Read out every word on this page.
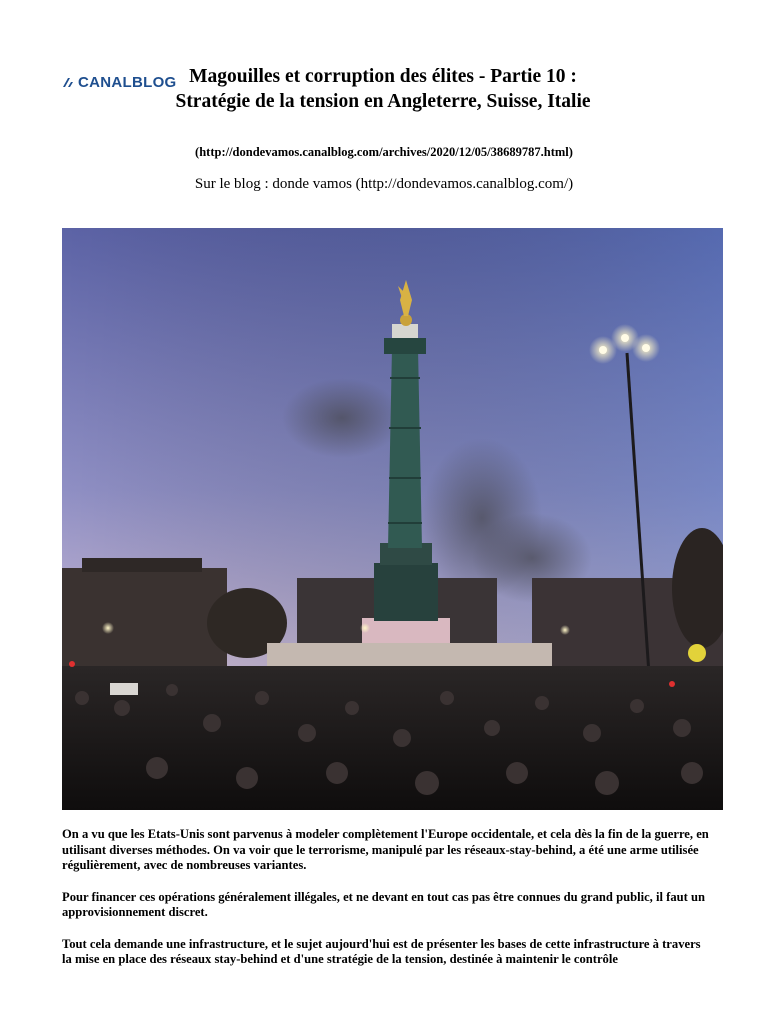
CANALBLOG Magouilles et corruption des élites - Partie 10 : Stratégie de la tension en Angleterre, Suisse, Italie
(http://dondevamos.canalblog.com/archives/2020/12/05/38689787.html)
Sur le blog : donde vamos (http://dondevamos.canalblog.com/)

On a vu que les Etats-Unis sont parvenus à modeler complètement l'Europe occidentale, et cela dès la fin de la guerre, en utilisant diverses méthodes. On va voir que le terrorisme, manipulé par les réseaux-stay-behind, a été une arme utilisée régulièrement, avec de nombreuses variantes.

Pour financer ces opérations généralement illégales, et ne devant en tout cas pas être connues du grand public, il faut un approvisionnement discret.

Tout cela demande une infrastructure, et le sujet aujourd'hui est de présenter les bases de cette infrastructure à travers la mise en place des réseaux stay-behind et d'une stratégie de la tension, destinée à maintenir le contrôle
